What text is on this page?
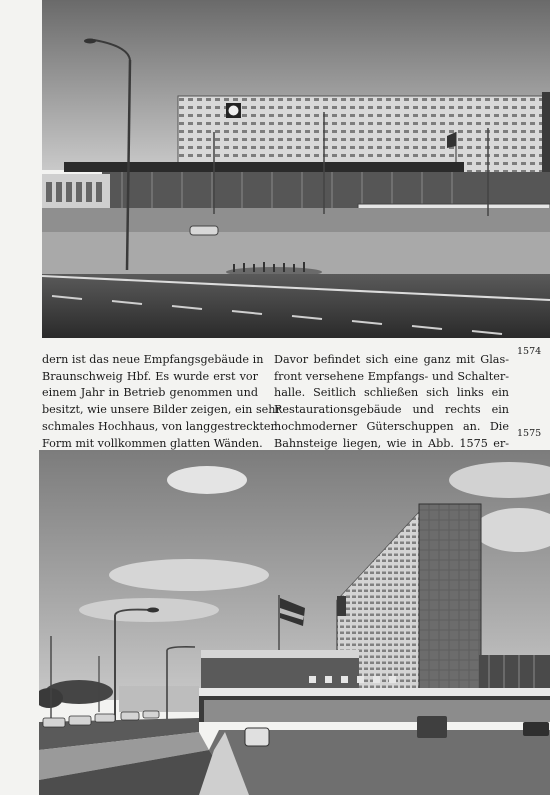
1574
1575
dern ist das neue Empfangsgebäude in
Braunschweig Hbf. Es wurde erst vor
einem Jahr in Betrieb genommen und
besitzt, wie unsere Bilder zeigen, ein sehr
schmales Hochhaus, von langgestreckter
Form mit vollkommen glatten Wänden.
Davor befindet sich eine ganz mit Glas-
front versehene Empfangs- und Schalter-
halle. Seitlich schließen sich links ein
Restaurationsgebäude und rechts ein
hochmoderner Güterschuppen an. Die
Bahnsteige liegen, wie in Abb. 1575 er-
